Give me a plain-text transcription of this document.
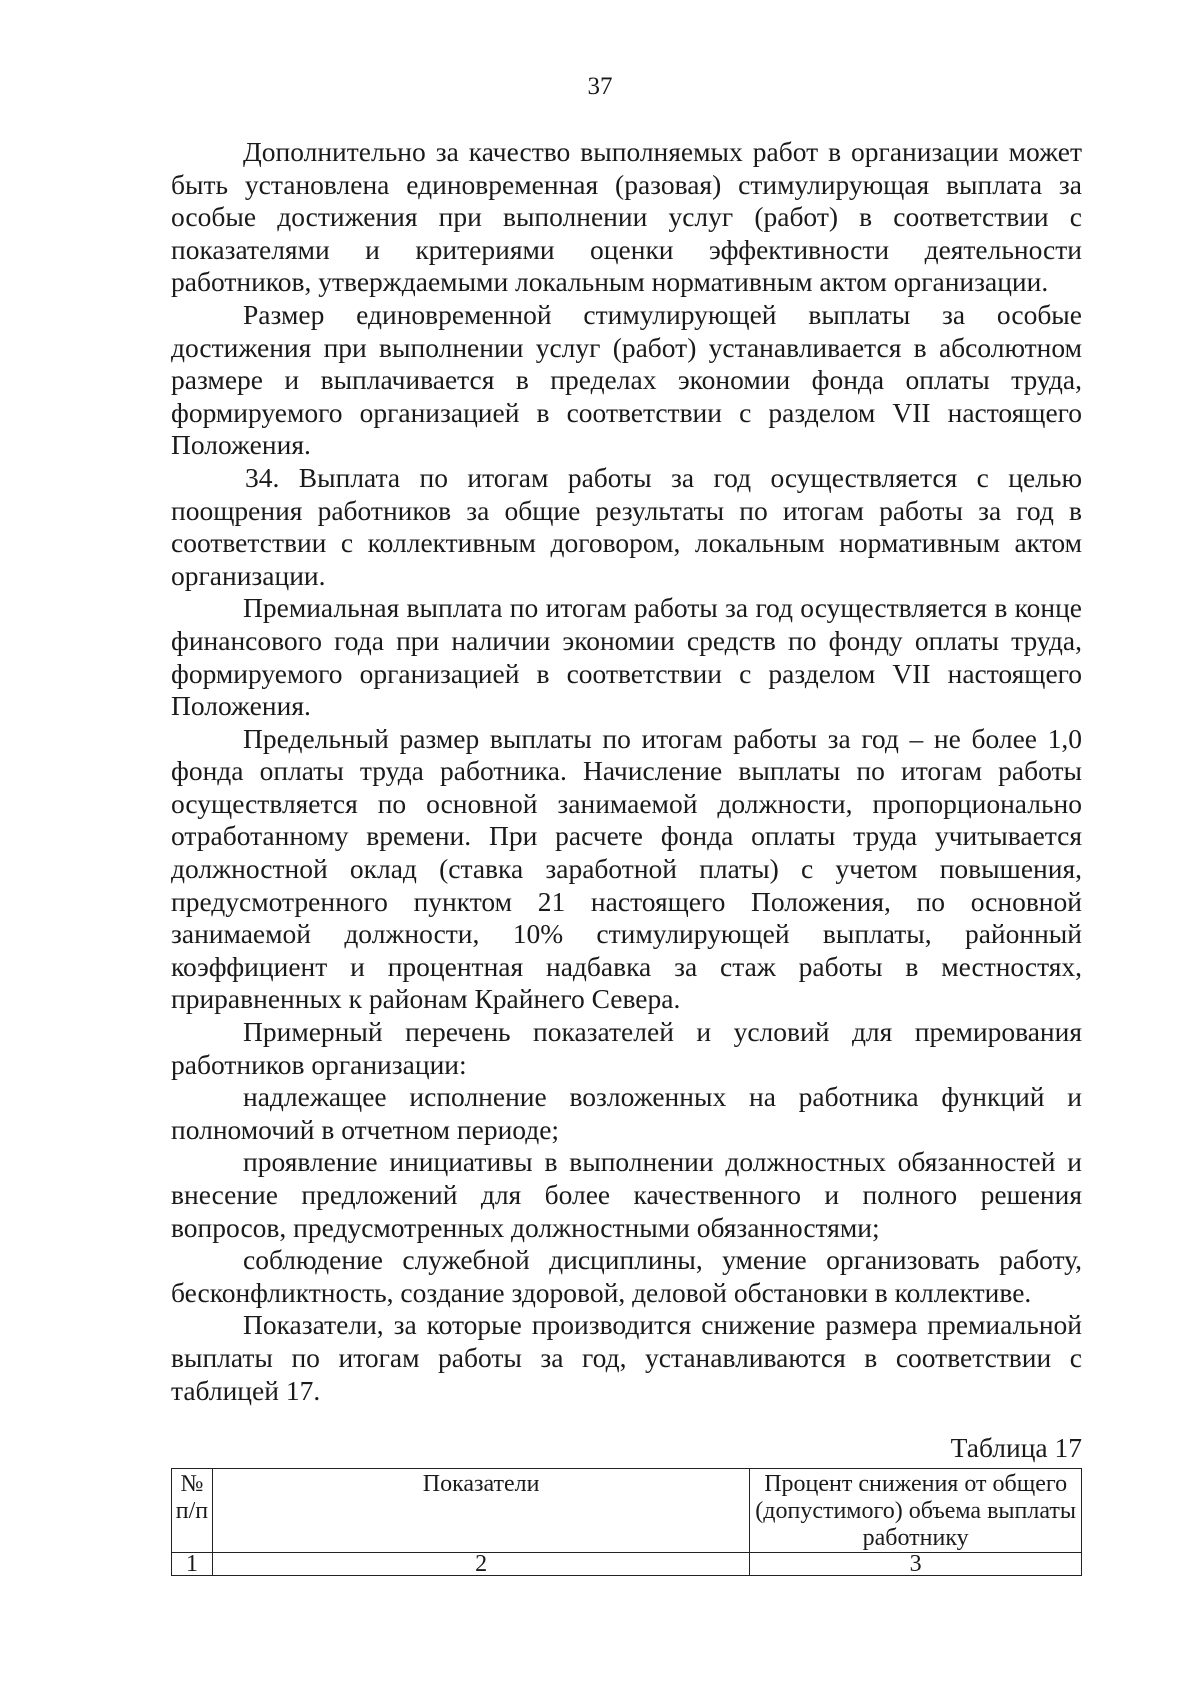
37

Дополнительно за качество выполняемых работ в организации может быть установлена единовременная (разовая) стимулирующая выплата за особые достижения при выполнении услуг (работ) в соответствии с показателями и критериями оценки эффективности деятельности работников, утверждаемыми локальным нормативным актом организации.

Размер единовременной стимулирующей выплаты за особые достижения при выполнении услуг (работ) устанавливается в абсолютном размере и выплачивается в пределах экономии фонда оплаты труда, формируемого организацией в соответствии с разделом VII настоящего Положения.

34. Выплата по итогам работы за год осуществляется с целью поощрения работников за общие результаты по итогам работы за год в соответствии с коллективным договором, локальным нормативным актом организации.

Премиальная выплата по итогам работы за год осуществляется в конце финансового года при наличии экономии средств по фонду оплаты труда, формируемого организацией в соответствии с разделом VII настоящего Положения.

Предельный размер выплаты по итогам работы за год – не более 1,0 фонда оплаты труда работника. Начисление выплаты по итогам работы осуществляется по основной занимаемой должности, пропорционально отработанному времени. При расчете фонда оплаты труда учитывается должностной оклад (ставка заработной платы) с учетом повышения, предусмотренного пунктом 21 настоящего Положения, по основной занимаемой должности, 10% стимулирующей выплаты, районный коэффициент и процентная надбавка за стаж работы в местностях, приравненных к районам Крайнего Севера.

Примерный перечень показателей и условий для премирования работников организации:

надлежащее исполнение возложенных на работника функций и полномочий в отчетном периоде;

проявление инициативы в выполнении должностных обязанностей и внесение предложений для более качественного и полного решения вопросов, предусмотренных должностными обязанностями;

соблюдение служебной дисциплины, умение организовать работу, бесконфликтность, создание здоровой, деловой обстановки в коллективе.

Показатели, за которые производится снижение размера премиальной выплаты по итогам работы за год, устанавливаются в соответствии с таблицей 17.

Таблица 17
№ п/п	Показатели	Процент снижения от общего (допустимого) объема выплаты работнику
1	2	3
